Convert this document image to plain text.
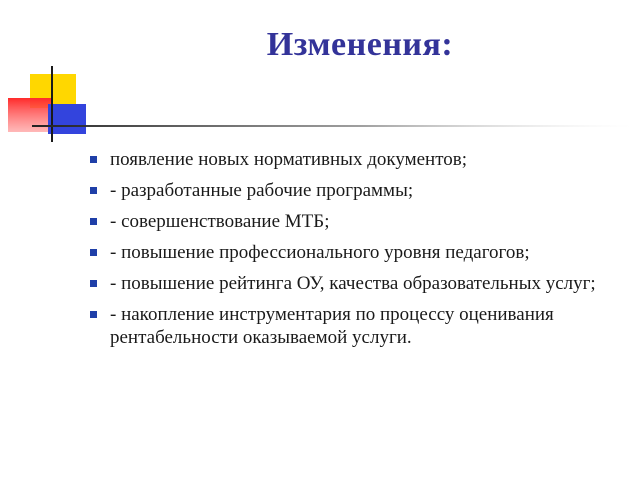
Изменения:
появление новых нормативных документов;
- разработанные рабочие программы;
- совершенствование МТБ;
- повышение профессионального уровня педагогов;
- повышение рейтинга ОУ, качества образовательных услуг;
- накопление инструментария по процессу оценивания рентабельности оказываемой услуги.
